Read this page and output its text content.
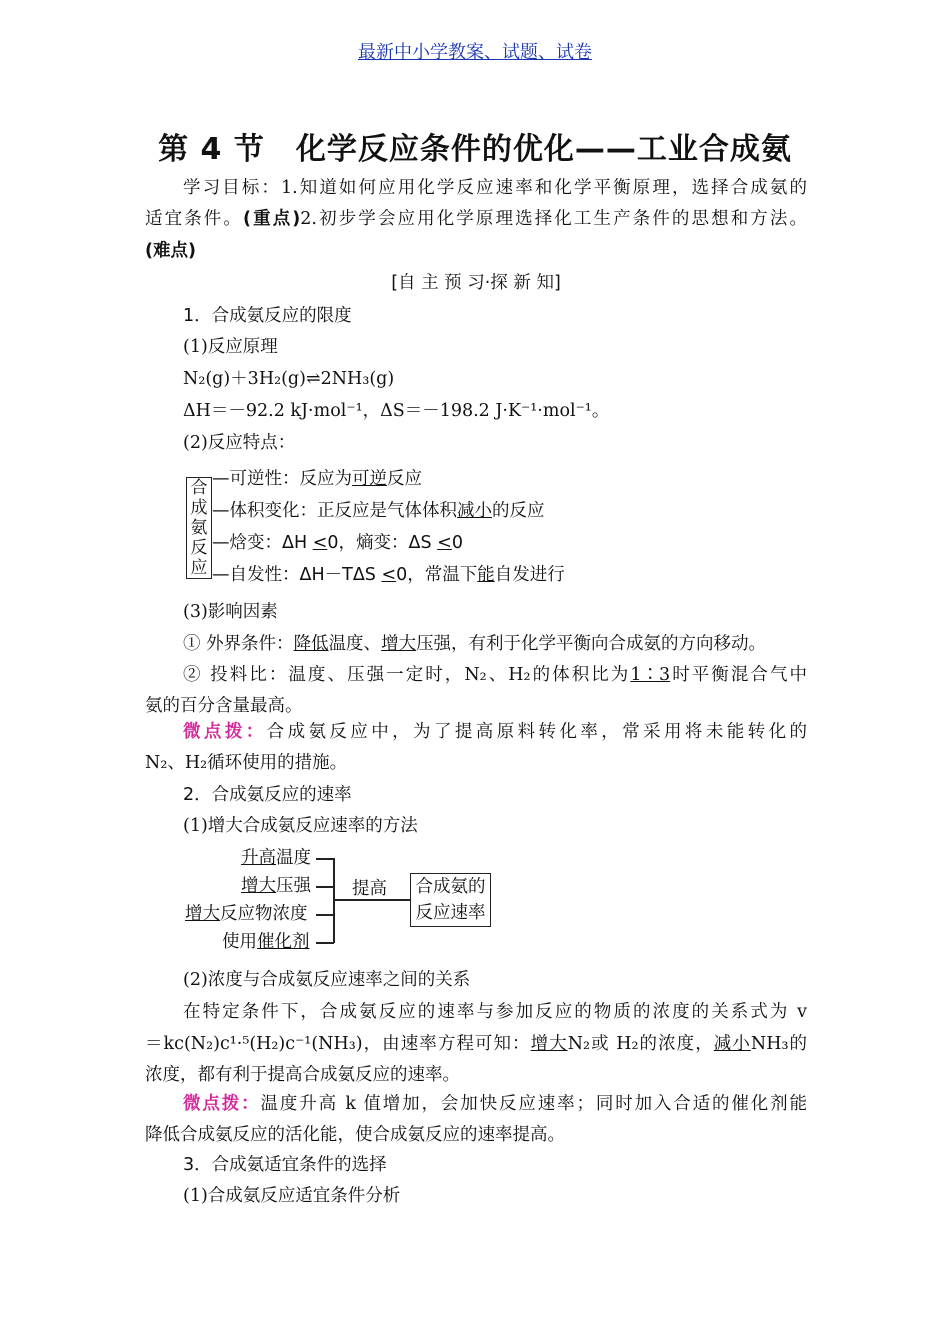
最新中小学教案、试题、试卷
第 4 节　化学反应条件的优化——工业合成氨
学习目标：1.知道如何应用化学反应速率和化学平衡原理，选择合成氨的
适宜条件。(重点)2.初步学会应用化学原理选择化工生产条件的思想和方法。
(难点)
[自 主 预 习·探 新 知]
1．合成氨反应的限度
(1)反应原理
N₂(g)＋3H₂(g)⇌2NH₃(g)
ΔH＝－92.2 kJ·mol⁻¹，ΔS＝－198.2 J·K⁻¹·mol⁻¹。
(2)反应特点：
合
成
氨
反
应
—可逆性：反应为可逆反应
—体积变化：正反应是气体体积减小的反应
—焓变：ΔH <0，熵变：ΔS <0
—自发性：ΔH－TΔS <0，常温下能自发进行
(3)影响因素
① 外界条件：降低温度、增大压强，有利于化学平衡向合成氨的方向移动。
② 投料比：温度、压强一定时，N₂、H₂的体积比为1∶3时平衡混合气中
氨的百分含量最高。
微点拨：合成氨反应中，为了提高原料转化率，常采用将未能转化的
N₂、H₂循环使用的措施。
2．合成氨反应的速率
(1)增大合成氨反应速率的方法
升高温度
增大压强
增大反应物浓度
使用催化剂
提高 合成氨的
反应速率
(2)浓度与合成氨反应速率之间的关系
在特定条件下，合成氨反应的速率与参加反应的物质的浓度的关系式为 v
＝kc(N₂)c¹·⁵(H₂)c⁻¹(NH₃)，由速率方程可知：增大N₂或 H₂的浓度，减小NH₃的
浓度，都有利于提高合成氨反应的速率。
微点拨：温度升高 k 值增加，会加快反应速率；同时加入合适的催化剂能
降低合成氨反应的活化能，使合成氨反应的速率提高。
3．合成氨适宜条件的选择
(1)合成氨反应适宜条件分析
